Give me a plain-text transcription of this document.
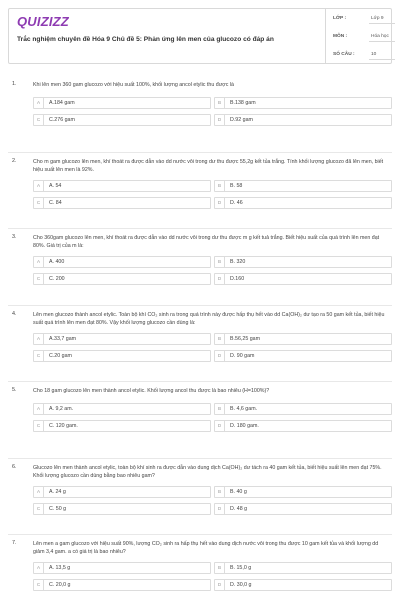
QUIZIZZ
Trắc nghiệm chuyên đề Hóa 9 Chủ đề 5: Phản ứng lên men của glucozo có đáp án
LỚP :	Lớp 9
MÔN :	Hóa học
SỐ CÂU :	10
1.	Khi lên men 360 gam glucozo với hiệu suất 100%, khối lượng ancol etylic thu được là
A	A.184 gam	B	B.138 gam
C	C.276 gam	D	D.92 gam
2.	Cho m gam glucozo lên men, khí thoát ra được dẫn vào dd nước vôi trong dư thu được 55,2g kết tủa trắng. Tính khối lượng glucozo đã lên men, biết hiệu suất lên men là 92%.
A	A. 54	B	B. 58
C	C. 84	D	D. 46
3.	Cho 360gam glucozo lên men, khí thoát ra được dẫn vào dd nước vôi trong dư thu được m g kết tuả trắng. Biết hiệu suất của quá trình lên men đạt 80%. Giá trị của m là:
A	A. 400	B	B. 320
C	C. 200	D	D.160
4.	Lên men glucozo thành ancol etylic. Toàn bộ khí CO₂ sinh ra trong quá trình này được hấp thụ hết vào dd Ca(OH)₂ dư tạo ra 50 gam kết tủa, biết hiệu suất quá trình lên men đạt 80%. Vậy khối lượng glucozo cần dùng là:
A	A.33,7 gam	B	B.56,25 gam
C	C.20 gam	D	D. 90 gam
5.	Cho 18 gam glucozo lên men thành ancol etylic. Khối lượng ancol thu được là bao nhiêu (H=100%)?
A	A. 9,2 am.	B	B. 4,6 gam.
C	C. 120 gam.	D	D. 180 gam.
6.	Glucozo lên men thành ancol etylic, toàn bộ khí sinh ra được dẫn vào dung dịch Ca(OH)₂ dư tách ra 40 gam kết tủa, biết hiệu suất lên men đạt 75%. Khối lượng glucozo cần dùng bằng bao nhiêu gam?
A	A. 24 g	B	B. 40 g
C	C. 50 g	D	D. 48 g
7.	Lên men a gam glucozo với hiệu suất 90%, lượng CO₂ sinh ra hấp thụ hết vào dung dịch nước vôi trong thu được 10 gam kết tủa và khối lượng dd giảm 3,4 gam. a có giá trị là bao nhiêu?
A	A. 13,5 g	B	B. 15,0 g
C	C. 20,0 g	D	D. 30,0 g
